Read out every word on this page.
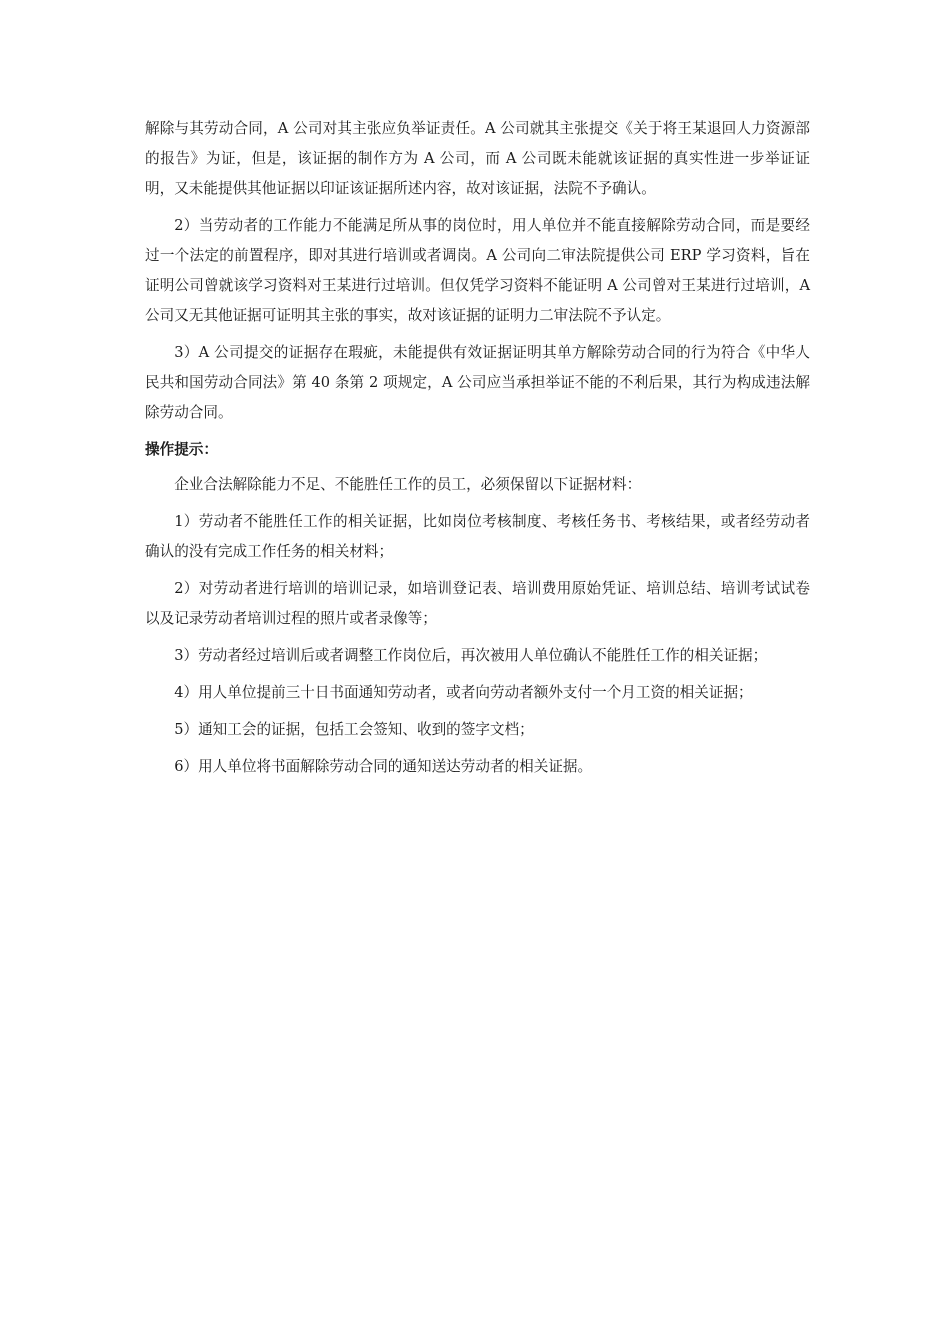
解除与其劳动合同，A 公司对其主张应负举证责任。A 公司就其主张提交《关于将王某退回人力资源部的报告》为证，但是，该证据的制作方为 A 公司，而 A 公司既未能就该证据的真实性进一步举证证明，又未能提供其他证据以印证该证据所述内容，故对该证据，法院不予确认。

2）当劳动者的工作能力不能满足所从事的岗位时，用人单位并不能直接解除劳动合同，而是要经过一个法定的前置程序，即对其进行培训或者调岗。A 公司向二审法院提供公司 ERP 学习资料，旨在证明公司曾就该学习资料对王某进行过培训。但仅凭学习资料不能证明 A 公司曾对王某进行过培训，A 公司又无其他证据可证明其主张的事实，故对该证据的证明力二审法院不予认定。

3）A 公司提交的证据存在瑕疵，未能提供有效证据证明其单方解除劳动合同的行为符合《中华人民共和国劳动合同法》第 40 条第 2 项规定，A 公司应当承担举证不能的不利后果，其行为构成违法解除劳动合同。

操作提示：

企业合法解除能力不足、不能胜任工作的员工，必须保留以下证据材料：

1）劳动者不能胜任工作的相关证据，比如岗位考核制度、考核任务书、考核结果，或者经劳动者确认的没有完成工作任务的相关材料；

2）对劳动者进行培训的培训记录，如培训登记表、培训费用原始凭证、培训总结、培训考试试卷以及记录劳动者培训过程的照片或者录像等；

3）劳动者经过培训后或者调整工作岗位后，再次被用人单位确认不能胜任工作的相关证据；

4）用人单位提前三十日书面通知劳动者，或者向劳动者额外支付一个月工资的相关证据；

5）通知工会的证据，包括工会签知、收到的签字文档；

6）用人单位将书面解除劳动合同的通知送达劳动者的相关证据。
